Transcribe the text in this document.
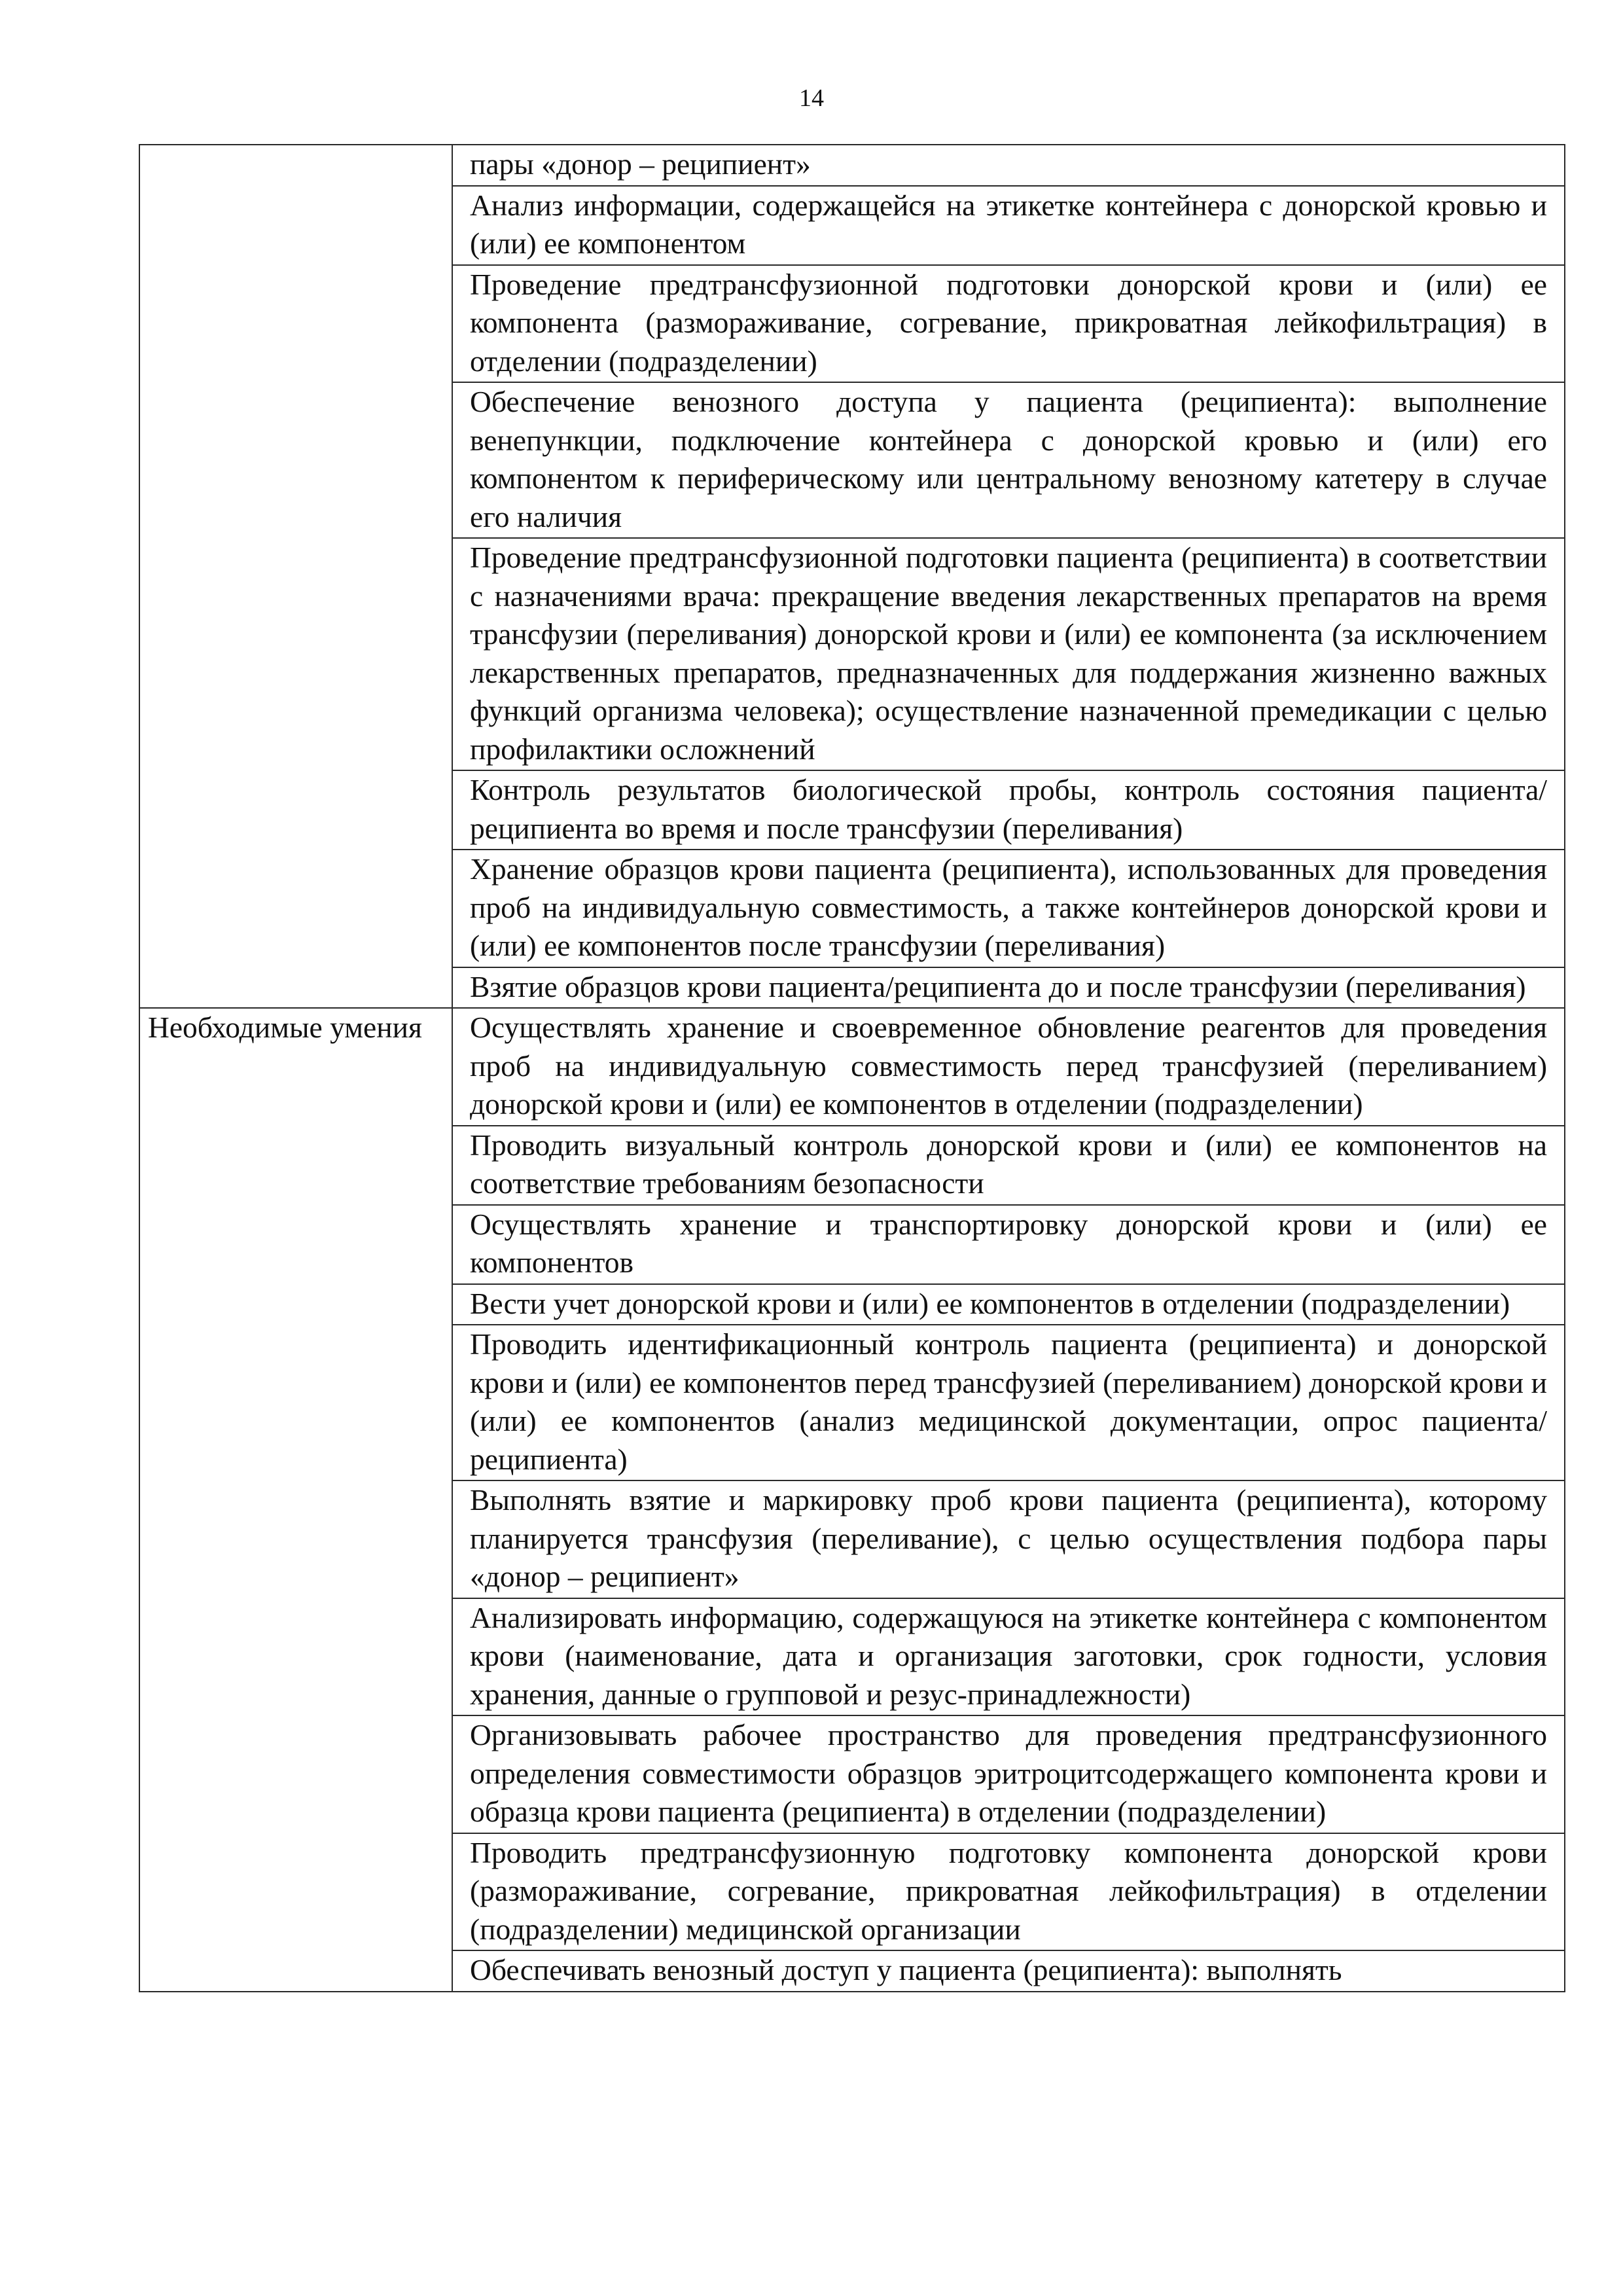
14
	пары «донор – реципиент»
	Анализ информации, содержащейся на этикетке контейнера с донорской кровью и (или) ее компонентом
	Проведение предтрансфузионной подготовки донорской крови и (или) ее компонента (размораживание, согревание, прикроватная лейкофильтрация) в отделении (подразделении)
	Обеспечение венозного доступа у пациента (реципиента): выполнение венепункции, подключение контейнера с донорской кровью и (или) его компонентом к периферическому или центральному венозному катетеру в случае его наличия
	Проведение предтрансфузионной подготовки пациента (реципиента) в соответствии с назначениями врача: прекращение введения лекарственных препаратов на время трансфузии (переливания) донорской крови и (или) ее компонента (за исключением лекарственных препаратов, предназначенных для поддержания жизненно важных функций организма человека); осуществление назначенной премедикации с целью профилактики осложнений
	Контроль результатов биологической пробы, контроль состояния пациента/реципиента во время и после трансфузии (переливания)
	Хранение образцов крови пациента (реципиента), использованных для проведения проб на индивидуальную совместимость, а также контейнеров донорской крови и (или) ее компонентов после трансфузии (переливания)
	Взятие образцов крови пациента/реципиента до и после трансфузии (переливания)
Необходимые умения	Осуществлять хранение и своевременное обновление реагентов для проведения проб на индивидуальную совместимость перед трансфузией (переливанием) донорской крови и (или) ее компонентов в отделении (подразделении)
	Проводить визуальный контроль донорской крови и (или) ее компонентов на соответствие требованиям безопасности
	Осуществлять хранение и транспортировку донорской крови и (или) ее компонентов
	Вести учет донорской крови и (или) ее компонентов в отделении (подразделении)
	Проводить идентификационный контроль пациента (реципиента) и донорской крови и (или) ее компонентов перед трансфузией (переливанием) донорской крови и (или) ее компонентов (анализ медицинской документации, опрос пациента/реципиента)
	Выполнять взятие и маркировку проб крови пациента (реципиента), которому планируется трансфузия (переливание), с целью осуществления подбора пары «донор – реципиент»
	Анализировать информацию, содержащуюся на этикетке контейнера с компонентом крови (наименование, дата и организация заготовки, срок годности, условия хранения, данные о групповой и резус-принадлежности)
	Организовывать рабочее пространство для проведения предтрансфузионного определения совместимости образцов эритроцитсодержащего компонента крови и образца крови пациента (реципиента) в отделении (подразделении)
	Проводить предтрансфузионную подготовку компонента донорской крови (размораживание, согревание, прикроватная лейкофильтрация) в отделении (подразделении) медицинской организации
	Обеспечивать венозный доступ у пациента (реципиента): выполнять
